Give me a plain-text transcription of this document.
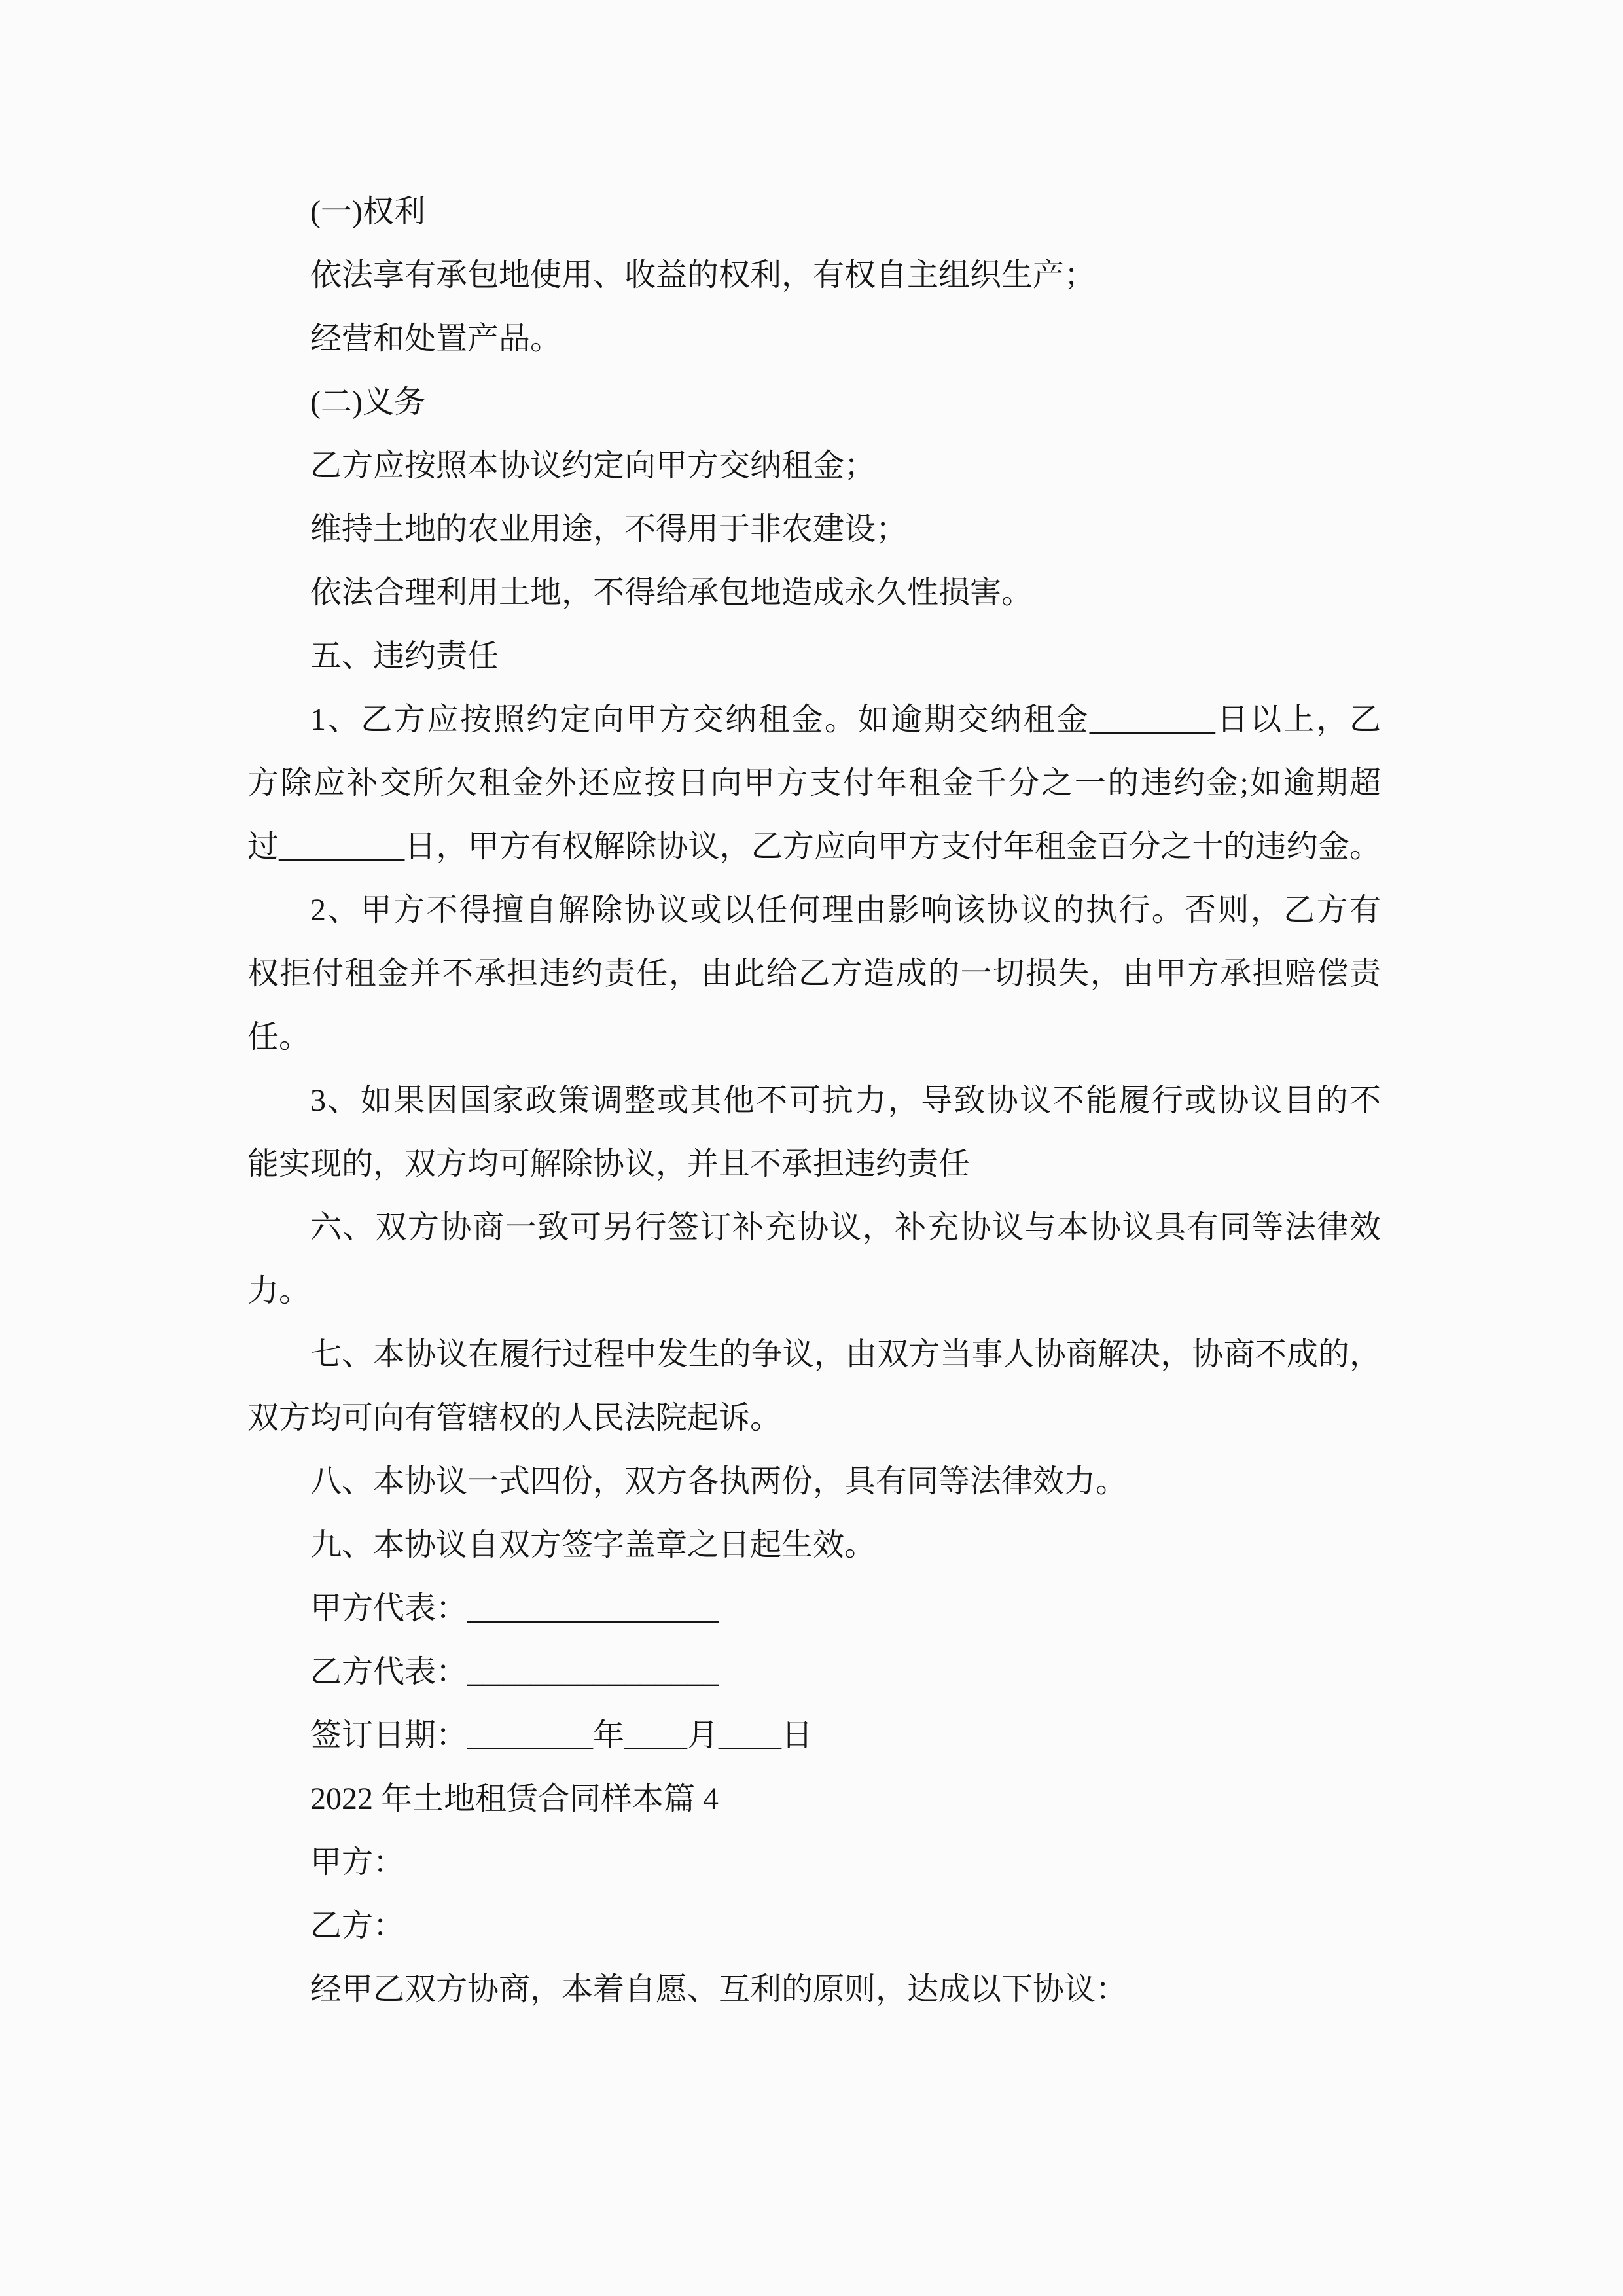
(一)权利
依法享有承包地使用、收益的权利，有权自主组织生产；
经营和处置产品。
(二)义务
乙方应按照本协议约定向甲方交纳租金；
维持土地的农业用途，不得用于非农建设；
依法合理利用土地，不得给承包地造成永久性损害。
五、违约责任
1、乙方应按照约定向甲方交纳租金。如逾期交纳租金________日以上，乙
方除应补交所欠租金外还应按日向甲方支付年租金千分之一的违约金;如逾期超
过________日，甲方有权解除协议，乙方应向甲方支付年租金百分之十的违约金。
2、甲方不得擅自解除协议或以任何理由影响该协议的执行。否则，乙方有
权拒付租金并不承担违约责任，由此给乙方造成的一切损失，由甲方承担赔偿责
任。
3、如果因国家政策调整或其他不可抗力，导致协议不能履行或协议目的不
能实现的，双方均可解除协议，并且不承担违约责任
六、双方协商一致可另行签订补充协议，补充协议与本协议具有同等法律效
力。
七、本协议在履行过程中发生的争议，由双方当事人协商解决，协商不成的，
双方均可向有管辖权的人民法院起诉。
八、本协议一式四份，双方各执两份，具有同等法律效力。
九、本协议自双方签字盖章之日起生效。
甲方代表：________________
乙方代表：________________
签订日期：________年____月____日
2022 年土地租赁合同样本篇 4
甲方：
乙方：
经甲乙双方协商，本着自愿、互利的原则，达成以下协议：
